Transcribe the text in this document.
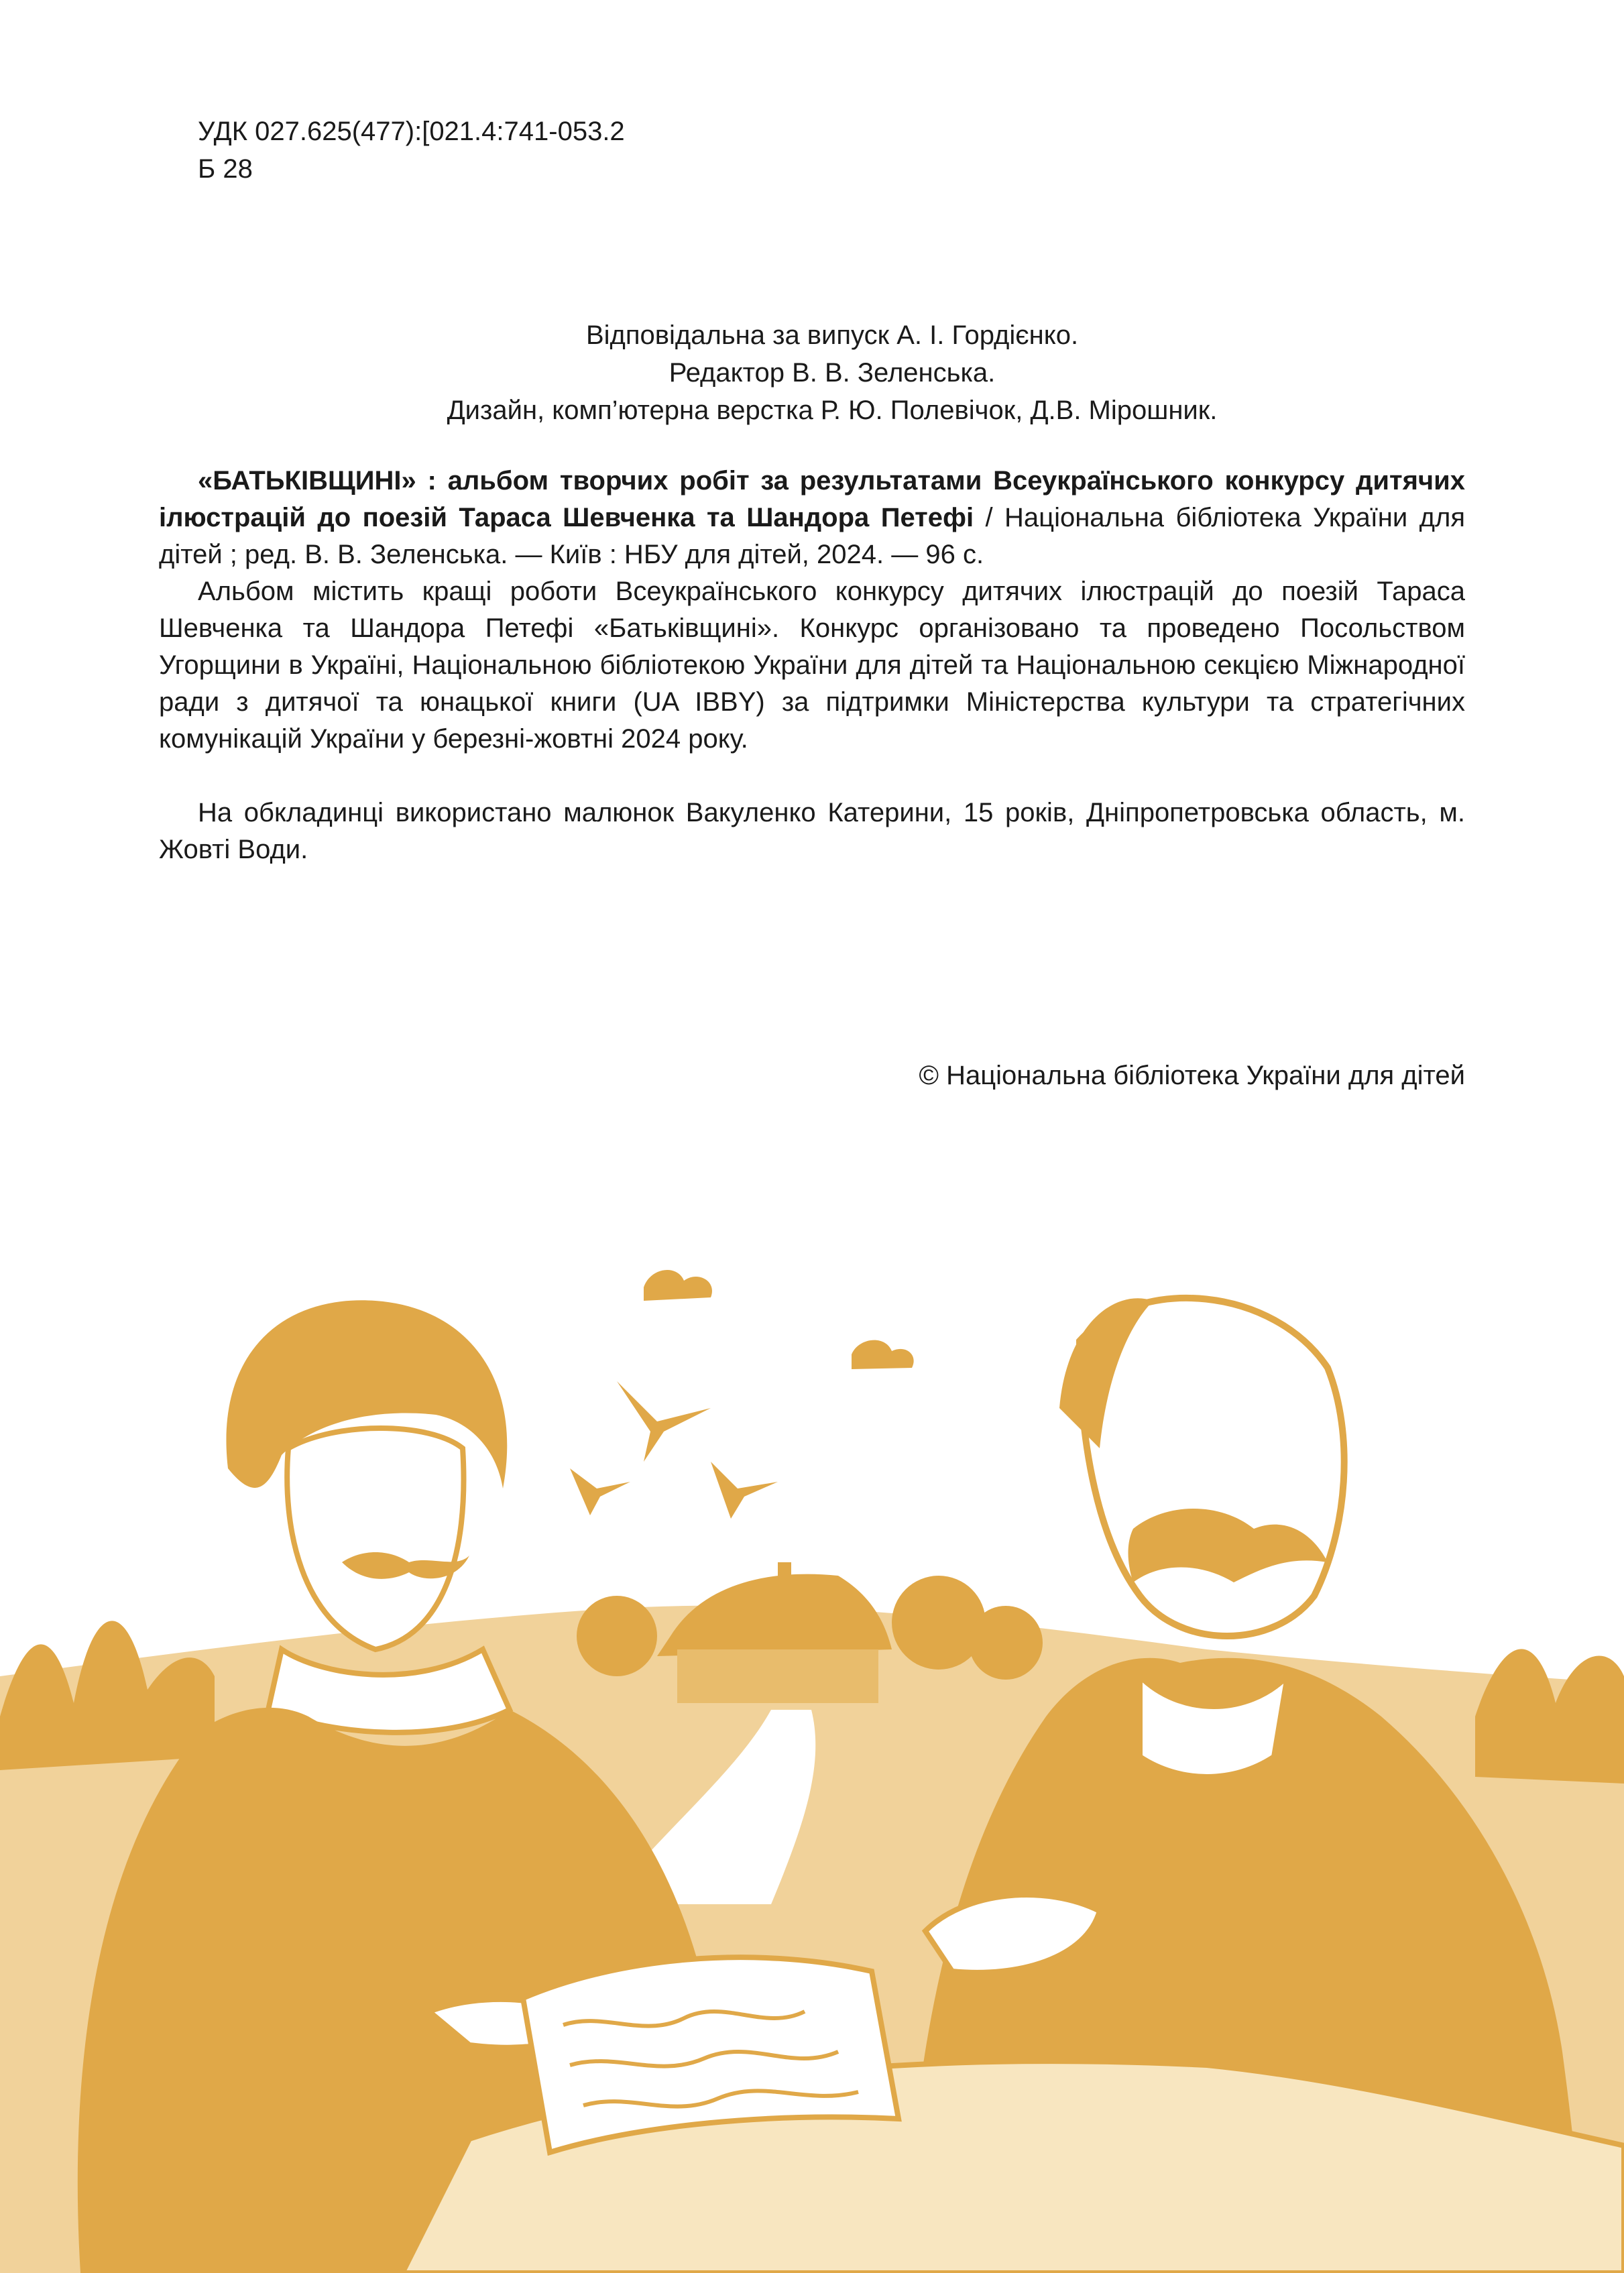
УДК 027.625(477):[021.4:741-053.2
Б 28
Відповідальна за випуск А. І. Гордієнко.
Редактор В. В. Зеленська.
Дизайн, комп’ютерна верстка Р. Ю. Полевічок, Д.В. Мірошник.

«БАТЬКІВЩИНІ» : альбом творчих робіт за результатами Всеукраїнського конкурсу дитячих ілюстрацій до поезій Тараса Шевченка та Шандора Петефі / Національна бібліотека України для дітей ; ред. В. В. Зеленська. — Київ : НБУ для дітей, 2024. — 96 с.

Альбом містить кращі роботи Всеукраїнського конкурсу дитячих ілюстрацій до поезій Тараса Шевченка та Шандора Петефі «Батьківщині». Конкурс організовано та проведено Посольством Угорщини в Україні, Національною бібліотекою України для дітей та Національною секцією Міжнародної ради з дитячої та юнацької книги (UA IBBY) за підтримки Міністерства культури та стратегічних комунікацій України у березні-жовтні 2024 року.

На обкладинці використано малюнок Вакуленко Катерини, 15 років, Дніпропетровська область, м. Жовті Води.

© Національна бібліотека України для дітей
